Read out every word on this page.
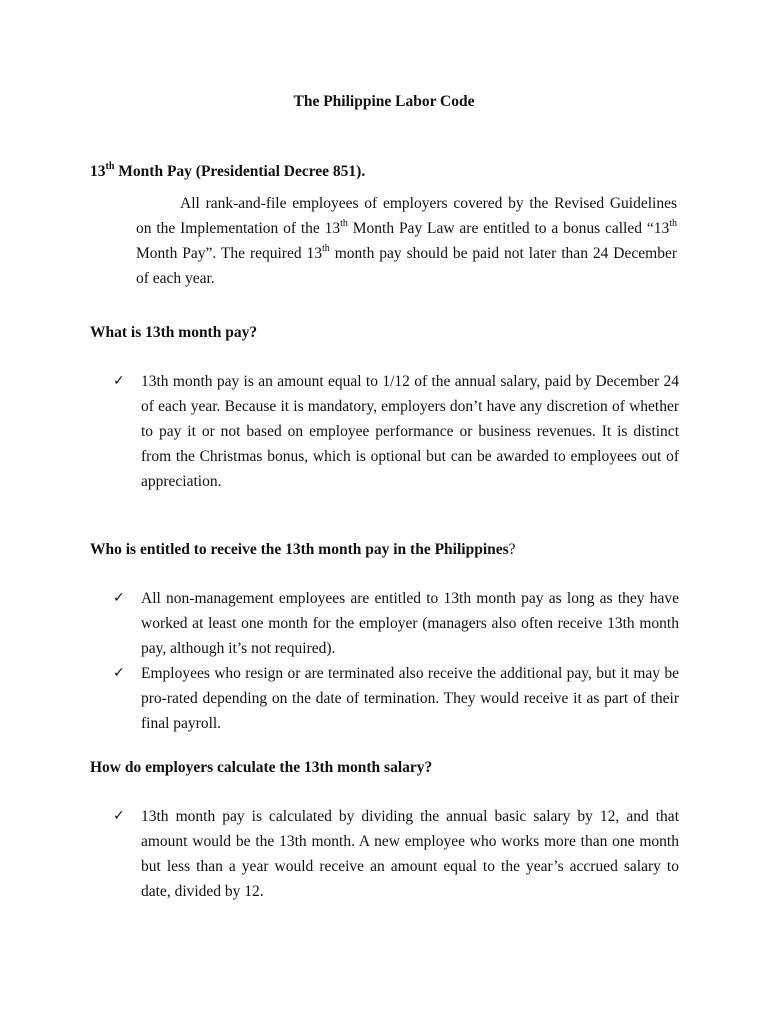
The Philippine Labor Code
13th Month Pay (Presidential Decree 851).
All rank-and-file employees of employers covered by the Revised Guidelines on the Implementation of the 13th Month Pay Law are entitled to a bonus called “13th Month Pay”. The required 13th month pay should be paid not later than 24 December of each year.
What is 13th month pay?
✓	13th month pay is an amount equal to 1/12 of the annual salary, paid by December 24 of each year. Because it is mandatory, employers don’t have any discretion of whether to pay it or not based on employee performance or business revenues. It is distinct from the Christmas bonus, which is optional but can be awarded to employees out of appreciation.
Who is entitled to receive the 13th month pay in the Philippines?
✓	All non-management employees are entitled to 13th month pay as long as they have worked at least one month for the employer (managers also often receive 13th month pay, although it’s not required).
✓	Employees who resign or are terminated also receive the additional pay, but it may be pro-rated depending on the date of termination. They would receive it as part of their final payroll.
How do employers calculate the 13th month salary?
✓	13th month pay is calculated by dividing the annual basic salary by 12, and that amount would be the 13th month. A new employee who works more than one month but less than a year would receive an amount equal to the year’s accrued salary to date, divided by 12.
